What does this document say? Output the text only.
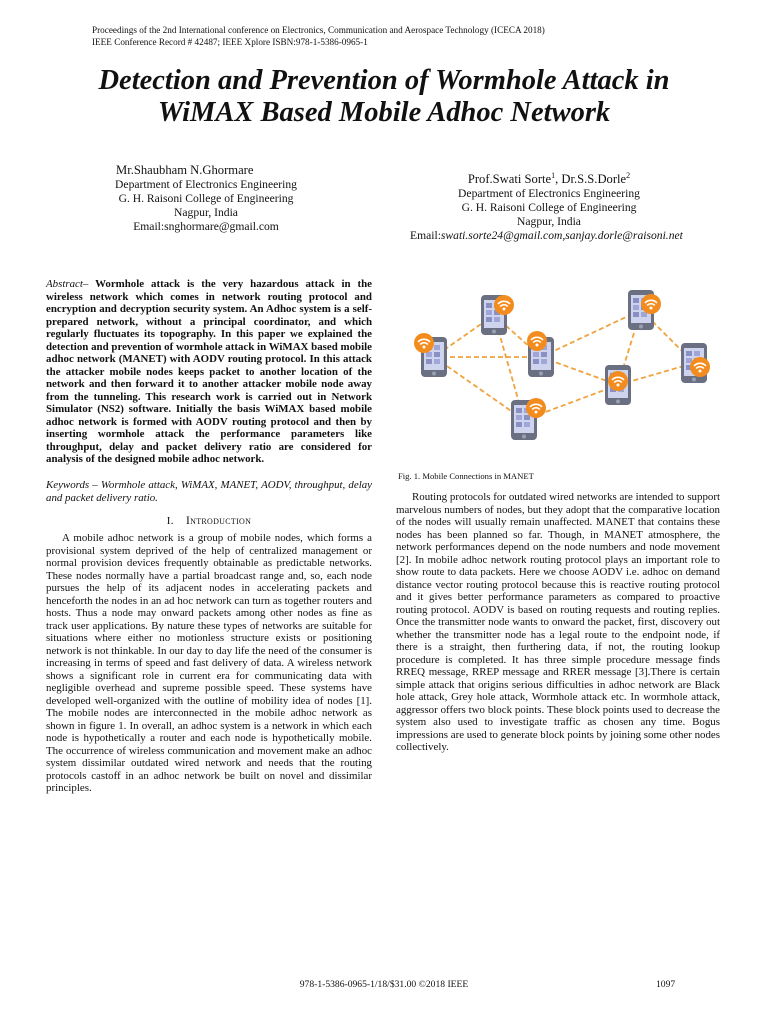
Proceedings of the 2nd International conference on Electronics, Communication and Aerospace Technology (ICECA 2018)
IEEE Conference Record # 42487; IEEE Xplore ISBN:978-1-5386-0965-1
Detection and Prevention of Wormhole Attack in
WiMAX Based Mobile Adhoc Network
Mr.Shaubham N.Ghormare
Department of Electronics Engineering
G. H. Raisoni College of Engineering
Nagpur, India
Email:snghormare@gmail.com
Prof.Swati Sorte$^1$, Dr.S.S.Dorle$^2$
Department of Electronics Engineering
G. H. Raisoni College of Engineering
Nagpur, India
Email:swati.sorte24@gmail.com,sanjay.dorle@raisoni.net
Abstract– Wormhole attack is the very hazardous attack in the wireless network which comes in network routing protocol and encryption and decryption security system. An Adhoc system is a self-prepared network, without a principal coordinator, and which regularly fluctuates its topography. In this paper we explained the detection and prevention of wormhole attack in WiMAX based mobile adhoc network (MANET) with AODV routing protocol. In this attack the attacker mobile nodes keeps packet to another location of the network and then forward it to another attacker mobile node away from the tunneling. This research work is carried out in Network Simulator (NS2) software. Initially the basis WiMAX based mobile adhoc network is formed with AODV routing protocol and then by inserting wormhole attack the performance parameters like throughput, delay and packet delivery ratio are considered for analysis of the designed mobile adhoc network.
Keywords – Wormhole attack, WiMAX, MANET, AODV, throughput, delay and packet delivery ratio.
I. Introduction

A mobile adhoc network is a group of mobile nodes, which forms a provisional system deprived of the help of centralized management or normal provision devices frequently obtainable as predictable networks. These nodes normally have a partial broadcast range and, so, each node pursues the help of its adjacent nodes in accelerating packets and henceforth the nodes in an ad hoc network can turn as together routers and hosts. Thus a node may onward packets among other nodes as fine as track user applications. By nature these types of networks are suitable for situations where either no motionless structure exists or positioning network is not thinkable. In our day to day life the need of the consumer is increasing in terms of speed and fast delivery of data. A wireless network shows a significant role in current era for communicating data with negligible overhead and supreme possible speed. These systems have developed well-organized with the outline of mobility idea of nodes [1]. The mobile nodes are interconnected in the mobile adhoc network as shown in figure 1. In overall, an adhoc system is a network in which each node is hypothetically a router and each node is hypothetically mobile. The occurrence of wireless communication and movement make an adhoc system dissimilar outdated wired network and needs that the routing protocols castoff in an adhoc network be built on novel and dissimilar principles.

Fig. 1. Mobile Connections in MANET

Routing protocols for outdated wired networks are intended to support marvelous numbers of nodes, but they adopt that the comparative location of the nodes will usually remain unaffected. MANET that contains these nodes has been planned so far. Though, in MANET atmosphere, the network performances depend on the node numbers and node movement [2]. In mobile adhoc network routing protocol plays an important role to show route to data packets. Here we choose AODV i.e. adhoc on demand distance vector routing protocol because this is reactive routing protocol and it gives better performance parameters as compared to proactive routing protocol. AODV is based on routing requests and routing replies. Once the transmitter node wants to onward the packet, first, discovery out whether the transmitter node has a legal route to the endpoint node, if there is a straight, then furthering data, if not, the routing lookup procedure is completed. It has three simple procedure message finds RREQ message, RREP message and RRER message [3].There is certain simple attack that origins serious difficulties in adhoc network are Black hole attack, Grey hole attack, Wormhole attack etc. In wormhole attack, aggressor offers two block points. These block points used to decrease the system also used to investigate traffic as chosen any time. Bogus impressions are used to generate block points by joining some other nodes collectively.

978-1-5386-0965-1/18/$31.00 ©2018 IEEE	1097
